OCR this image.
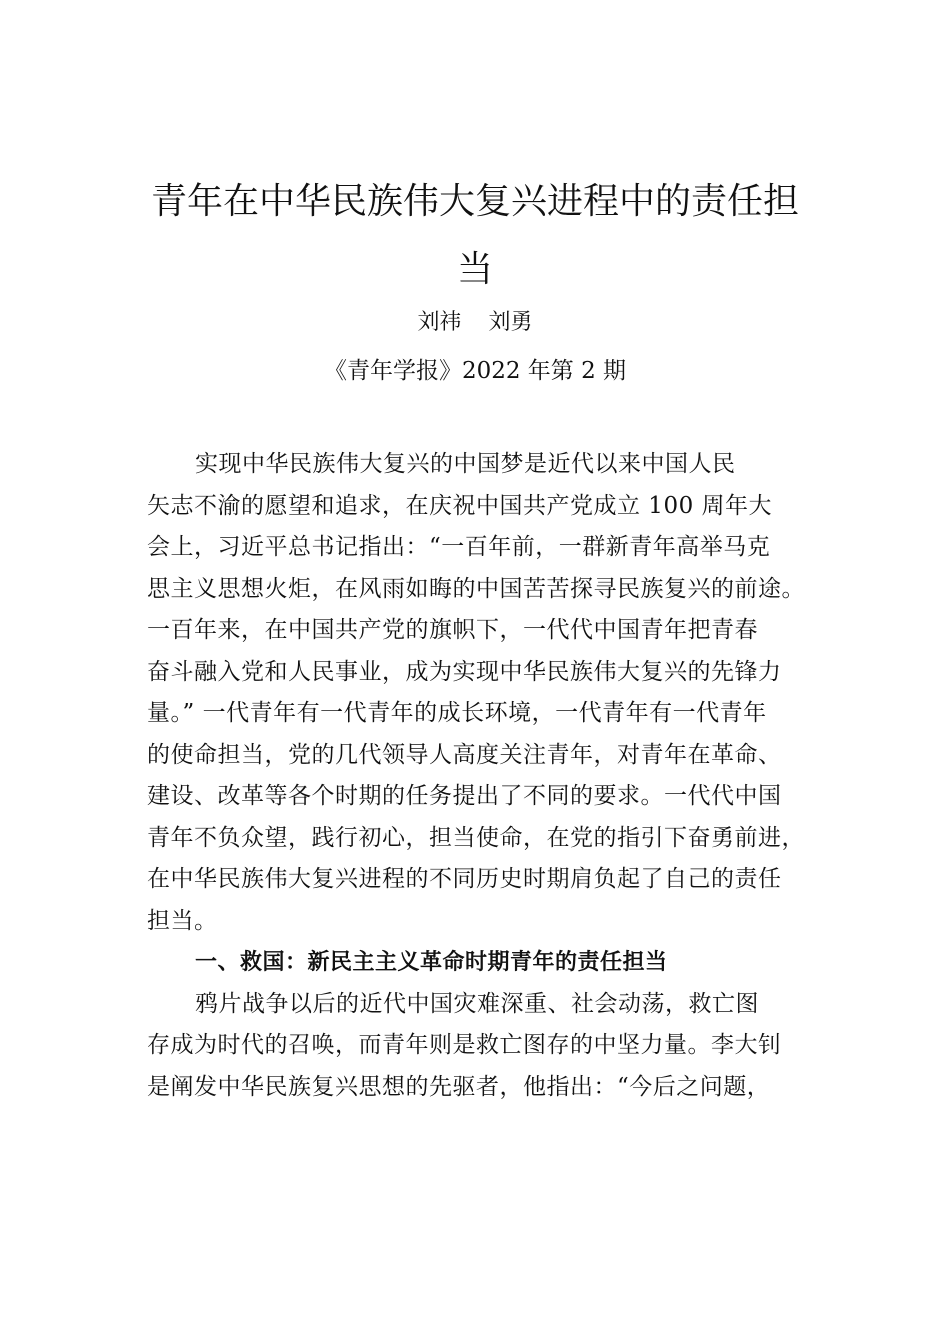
青年在中华民族伟大复兴进程中的责任担
当

刘祎 刘勇

《青年学报》2022 年第 2 期

实现中华民族伟大复兴的中国梦是近代以来中国人民
矢志不渝的愿望和追求，在庆祝中国共产党成立 100 周年大
会上，习近平总书记指出：“一百年前，一群新青年高举马克
思主义思想火炬，在风雨如晦的中国苦苦探寻民族复兴的前途。
一百年来，在中国共产党的旗帜下，一代代中国青年把青春
奋斗融入党和人民事业，成为实现中华民族伟大复兴的先锋力
量。” 一代青年有一代青年的成长环境，一代青年有一代青年
的使命担当，党的几代领导人高度关注青年，对青年在革命、
建设、改革等各个时期的任务提出了不同的要求。一代代中国
青年不负众望，践行初心，担当使命，在党的指引下奋勇前进，
在中华民族伟大复兴进程的不同历史时期肩负起了自己的责任
担当。
一、救国：新民主主义革命时期青年的责任担当
鸦片战争以后的近代中国灾难深重、社会动荡，救亡图
存成为时代的召唤，而青年则是救亡图存的中坚力量。李大钊
是阐发中华民族复兴思想的先驱者，他指出：“今后之问题，
